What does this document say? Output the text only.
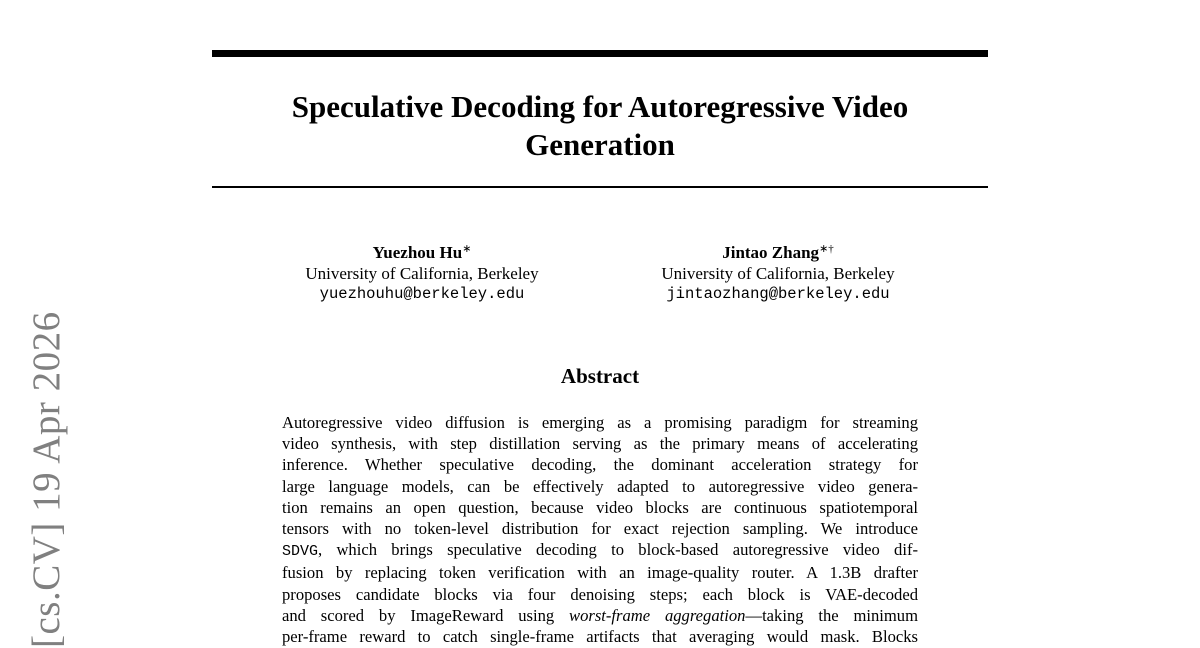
[cs.CV] 19 Apr 2026
Speculative Decoding for Autoregressive Video
Generation
Yuezhou Hu∗
University of California, Berkeley
yuezhouhu@berkeley.edu
Jintao Zhang∗†
University of California, Berkeley
jintaozhang@berkeley.edu
Abstract
Autoregressive video diffusion is emerging as a promising paradigm for streaming
video synthesis, with step distillation serving as the primary means of accelerating
inference. Whether speculative decoding, the dominant acceleration strategy for
large language models, can be effectively adapted to autoregressive video genera-
tion remains an open question, because video blocks are continuous spatiotemporal
tensors with no token-level distribution for exact rejection sampling. We introduce
SDVG, which brings speculative decoding to block-based autoregressive video dif-
fusion by replacing token verification with an image-quality router. A 1.3B drafter
proposes candidate blocks via four denoising steps; each block is VAE-decoded
and scored by ImageReward using worst-frame aggregation—taking the minimum
per-frame reward to catch single-frame artifacts that averaging would mask. Blocks
